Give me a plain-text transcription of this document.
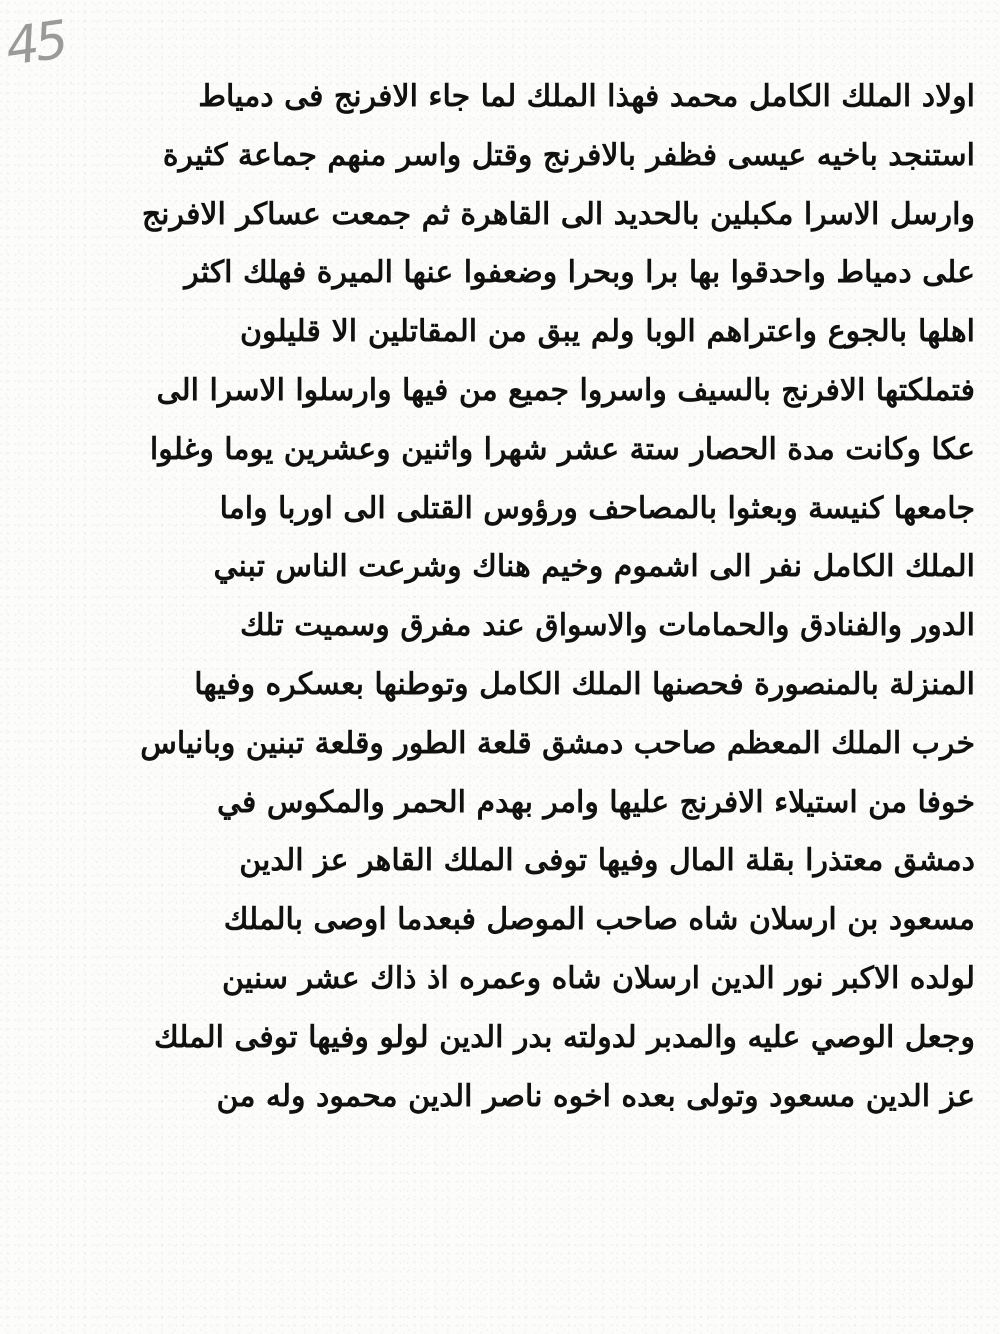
45
اولاد الملك الكامل محمد فهذا الملك لما جاء الافرنج فى دمياط
استنجد باخيه عيسى فظفر بالافرنج وقتل واسر منهم جماعة كثيرة
وارسل الاسرا مكبلين بالحديد الى القاهرة ثم جمعت عساكر الافرنج
على دمياط واحدقوا بها برا وبحرا وضعفوا عنها الميرة فهلك اكثر
اهلها بالجوع واعتراهم الوبا ولم يبق من المقاتلين الا قليلون
فتملكتها الافرنج بالسيف واسروا جميع من فيها وارسلوا الاسرا الى
عكا وكانت مدة الحصار ستة عشر شهرا واثنين وعشرين يوما وغلوا
جامعها كنيسة وبعثوا بالمصاحف ورؤوس القتلى الى اوربا واما
الملك الكامل نفر الى اشموم وخيم هناك وشرعت الناس تبني
الدور والفنادق والحمامات والاسواق عند مفرق وسميت تلك
المنزلة بالمنصورة فحصنها الملك الكامل وتوطنها بعسكره وفيها
خرب الملك المعظم صاحب دمشق قلعة الطور وقلعة تبنين وبانياس
خوفا من استيلاء الافرنج عليها وامر بهدم الحمر والمكوس في
دمشق معتذرا بقلة المال وفيها توفى الملك القاهر عز الدين
مسعود بن ارسلان شاه صاحب الموصل فبعدما اوصى بالملك
لولده الاكبر نور الدين ارسلان شاه وعمره اذ ذاك عشر سنين
وجعل الوصي عليه والمدبر لدولته بدر الدين لولو وفيها توفى الملك
عز الدين مسعود وتولى بعده اخوه ناصر الدين محمود وله من
